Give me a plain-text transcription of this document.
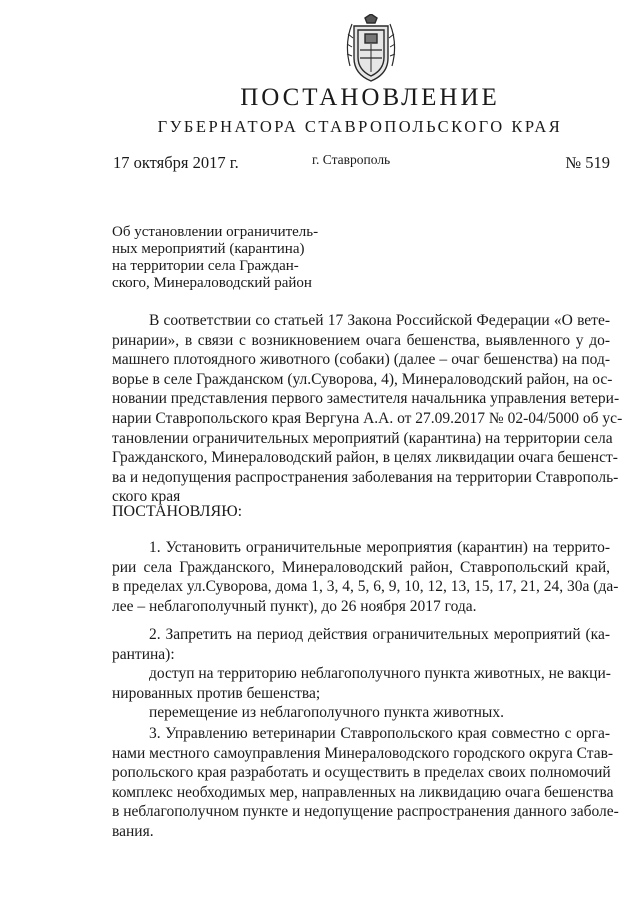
ПОСТАНОВЛЕНИЕ
ГУБЕРНАТОРА СТАВРОПОЛЬСКОГО КРАЯ
17 октября 2017 г.	г. Ставрополь	№ 519
Об установлении ограничитель-
ных мероприятий (карантина)
на территории села Граждан-
ского, Минераловодский район
В соответствии со статьей 17 Закона Российской Федерации «О вете-
ринарии», в связи с возникновением очага бешенства, выявленного у до-
машнего плотоядного животного (собаки) (далее – очаг бешенства) на под-
ворье в селе Гражданском (ул.Суворова, 4), Минераловодский район, на ос-
новании представления первого заместителя начальника управления ветери-
нарии Ставропольского края Вергуна А.А. от 27.09.2017 № 02-04/5000 об ус-
тановлении ограничительных мероприятий (карантина) на территории села
Гражданского, Минераловодский район, в целях ликвидации очага бешенст-
ва и недопущения распространения заболевания на территории Ставрополь-
ского края
ПОСТАНОВЛЯЮ:
1. Установить ограничительные мероприятия (карантин) на террито-
рии села Гражданского, Минераловодский район, Ставропольский край,
в пределах ул.Суворова, дома 1, 3, 4, 5, 6, 9, 10, 12, 13, 15, 17, 21, 24, 30а (да-
лее – неблагополучный пункт), до 26 ноября 2017 года.
2. Запретить на период действия ограничительных мероприятий (ка-
рантина):
доступ на территорию неблагополучного пункта животных, не вакци-
нированных против бешенства;
перемещение из неблагополучного пункта животных.
3. Управлению ветеринарии Ставропольского края совместно с орга-
нами местного самоуправления Минераловодского городского округа Став-
ропольского края разработать и осуществить в пределах своих полномочий
комплекс необходимых мер, направленных на ликвидацию очага бешенства
в неблагополучном пункте и недопущение распространения данного заболе-
вания.
